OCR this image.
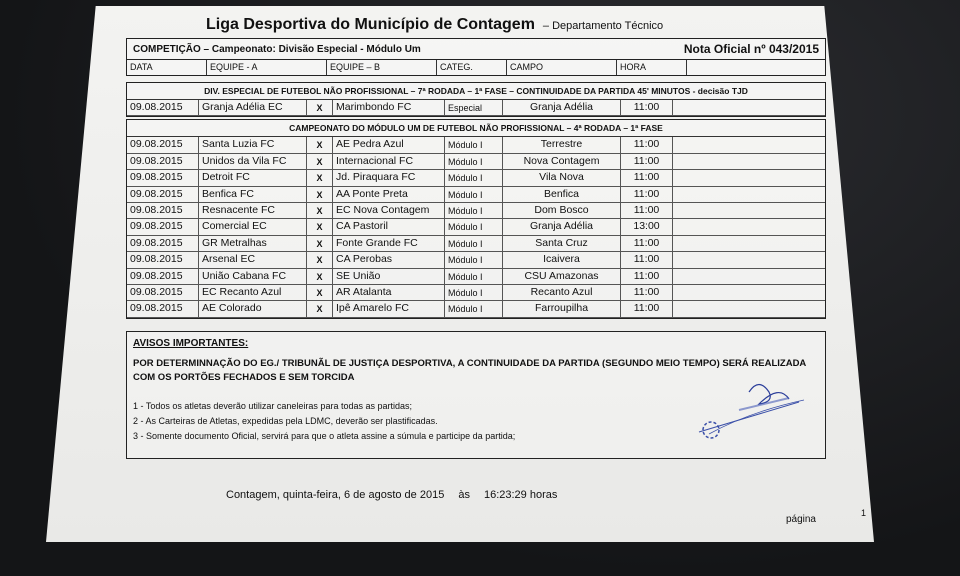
Liga Desportiva do Município de Contagem – Departamento Técnico
COMPETIÇÃO – Campeonato: Divisão Especial - Módulo Um	Nota Oficial nº 043/2015
DATA	EQUIPE - A	EQUIPE – B	CATEG.	CAMPO	HORA
DIV. ESPECIAL DE FUTEBOL NÃO PROFISSIONAL – 7ª RODADA – 1ª FASE – CONTINUIDADE DA PARTIDA 45' MINUTOS - decisão TJD
09.08.2015	Granja Adélia EC	X	Marimbondo FC	Especial	Granja Adélia	11:00
CAMPEONATO DO MÓDULO UM DE FUTEBOL NÃO PROFISSIONAL – 4ª RODADA – 1ª FASE
09.08.2015	Santa Luzia FC	X	AE Pedra Azul	Módulo I	Terrestre	11:00
09.08.2015	Unidos da Vila FC	X	Internacional FC	Módulo I	Nova Contagem	11:00
09.08.2015	Detroit FC	X	Jd. Piraquara FC	Módulo I	Vila Nova	11:00
09.08.2015	Benfica FC	X	AA Ponte Preta	Módulo I	Benfica	11:00
09.08.2015	Resnacente FC	X	EC Nova Contagem	Módulo I	Dom Bosco	11:00
09.08.2015	Comercial EC	X	CA Pastoril	Módulo I	Granja Adélia	13:00
09.08.2015	GR Metralhas	X	Fonte Grande FC	Módulo I	Santa Cruz	11:00
09.08.2015	Arsenal EC	X	CA Perobas	Módulo I	Icaivera	11:00
09.08.2015	União Cabana FC	X	SE União	Módulo I	CSU Amazonas	11:00
09.08.2015	EC Recanto Azul	X	AR Atalanta	Módulo I	Recanto Azul	11:00
09.08.2015	AE Colorado	X	Ipê Amarelo FC	Módulo I	Farroupilha	11:00
AVISOS IMPORTANTES:
POR DETERMINNAÇÃO DO EG./ TRIBUNÃL DE JUSTIÇA DESPORTIVA, A CONTINUIDADE DA PARTIDA (SEGUNDO MEIO TEMPO) SERÁ REALIZADA COM OS PORTÕES FECHADOS E SEM TORCIDA
1 - Todos os atletas deverão utilizar caneleiras para todas as partidas;
2 - As Carteiras de Atletas, expedidas pela LDMC, deverão ser plastificadas.
3 - Somente documento Oficial, servirá para que o atleta assine a súmula e participe da partida;
Contagem, quinta-feira, 6 de agosto de 2015 às 16:23:29 horas
página
1
